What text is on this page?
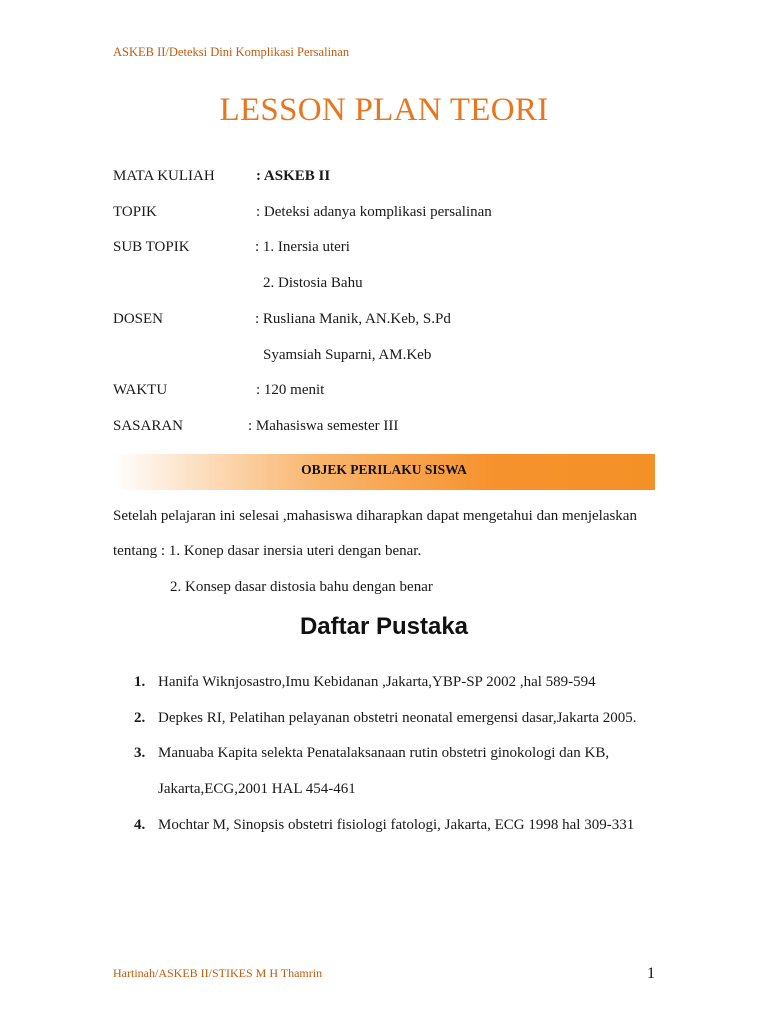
ASKEB II/Deteksi Dini Komplikasi Persalinan
LESSON PLAN TEORI
MATA KULIAH	: ASKEB II
TOPIK	: Deteksi adanya komplikasi persalinan
SUB TOPIK	: 1. Inersia uteri
2. Distosia Bahu
DOSEN	: Rusliana Manik, AN.Keb, S.Pd
Syamsiah Suparni, AM.Keb
WAKTU	: 120 menit
SASARAN	: Mahasiswa semester III
OBJEK PERILAKU SISWA
Setelah pelajaran ini selesai ,mahasiswa diharapkan dapat mengetahui dan menjelaskan
tentang : 1. Konep dasar inersia uteri dengan benar.
2. Konsep dasar distosia bahu dengan benar
Daftar Pustaka
1. Hanifa Wiknjosastro,Imu Kebidanan ,Jakarta,YBP-SP 2002 ,hal 589-594
2. Depkes RI, Pelatihan pelayanan obstetri neonatal emergensi dasar,Jakarta 2005.
3. Manuaba Kapita selekta Penatalaksanaan rutin obstetri ginokologi dan KB,
Jakarta,ECG,2001 HAL 454-461
4. Mochtar M, Sinopsis obstetri fisiologi fatologi, Jakarta, ECG 1998 hal 309-331
Hartinah/ASKEB II/STIKES M H Thamrin	1
